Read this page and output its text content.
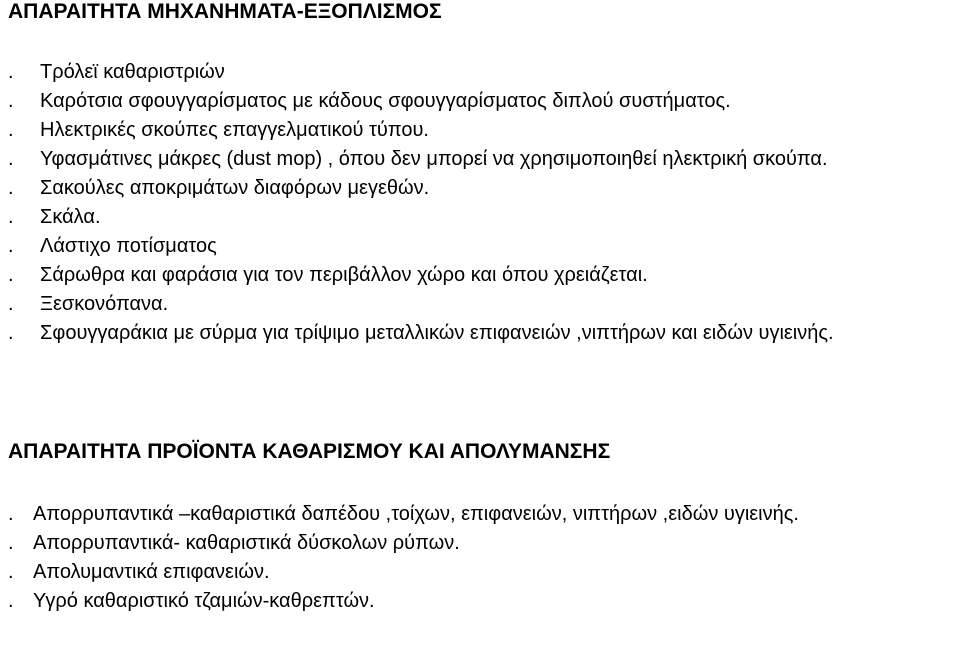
ΑΠΑΡΑΙΤΗΤΑ ΜΗΧΑΝΗΜΑΤΑ-ΕΞΟΠΛΙΣΜΟΣ
. Τρόλεϊ καθαριστριών
. Καρότσια σφουγγαρίσματος με κάδους σφουγγαρίσματος διπλού συστήματος.
. Ηλεκτρικές σκούπες επαγγελματικού τύπου.
. Υφασμάτινες μάκρες (dust mop) , όπου δεν μπορεί να χρησιμοποιηθεί ηλεκτρική σκούπα.
. Σακούλες αποκριμάτων διαφόρων μεγεθών.
. Σκάλα.
. Λάστιχο ποτίσματος
. Σάρωθρα και φαράσια για τον περιβάλλον χώρο και όπου χρειάζεται.
. Ξεσκονόπανα.
. Σφουγγαράκια με σύρμα για τρίψιμο μεταλλικών επιφανειών ,νιπτήρων και ειδών υγιεινής.
ΑΠΑΡΑΙΤΗΤΑ ΠΡΟΪΟΝΤΑ ΚΑΘΑΡΙΣΜΟΥ ΚΑΙ ΑΠΟΛΥΜΑΝΣΗΣ
. Απορρυπαντικά –καθαριστικά δαπέδου ,τοίχων, επιφανειών, νιπτήρων ,ειδών υγιεινής.
. Απορρυπαντικά- καθαριστικά δύσκολων ρύπων.
. Απολυμαντικά επιφανειών.
. Υγρό καθαριστικό τζαμιών-καθρεπτών.
